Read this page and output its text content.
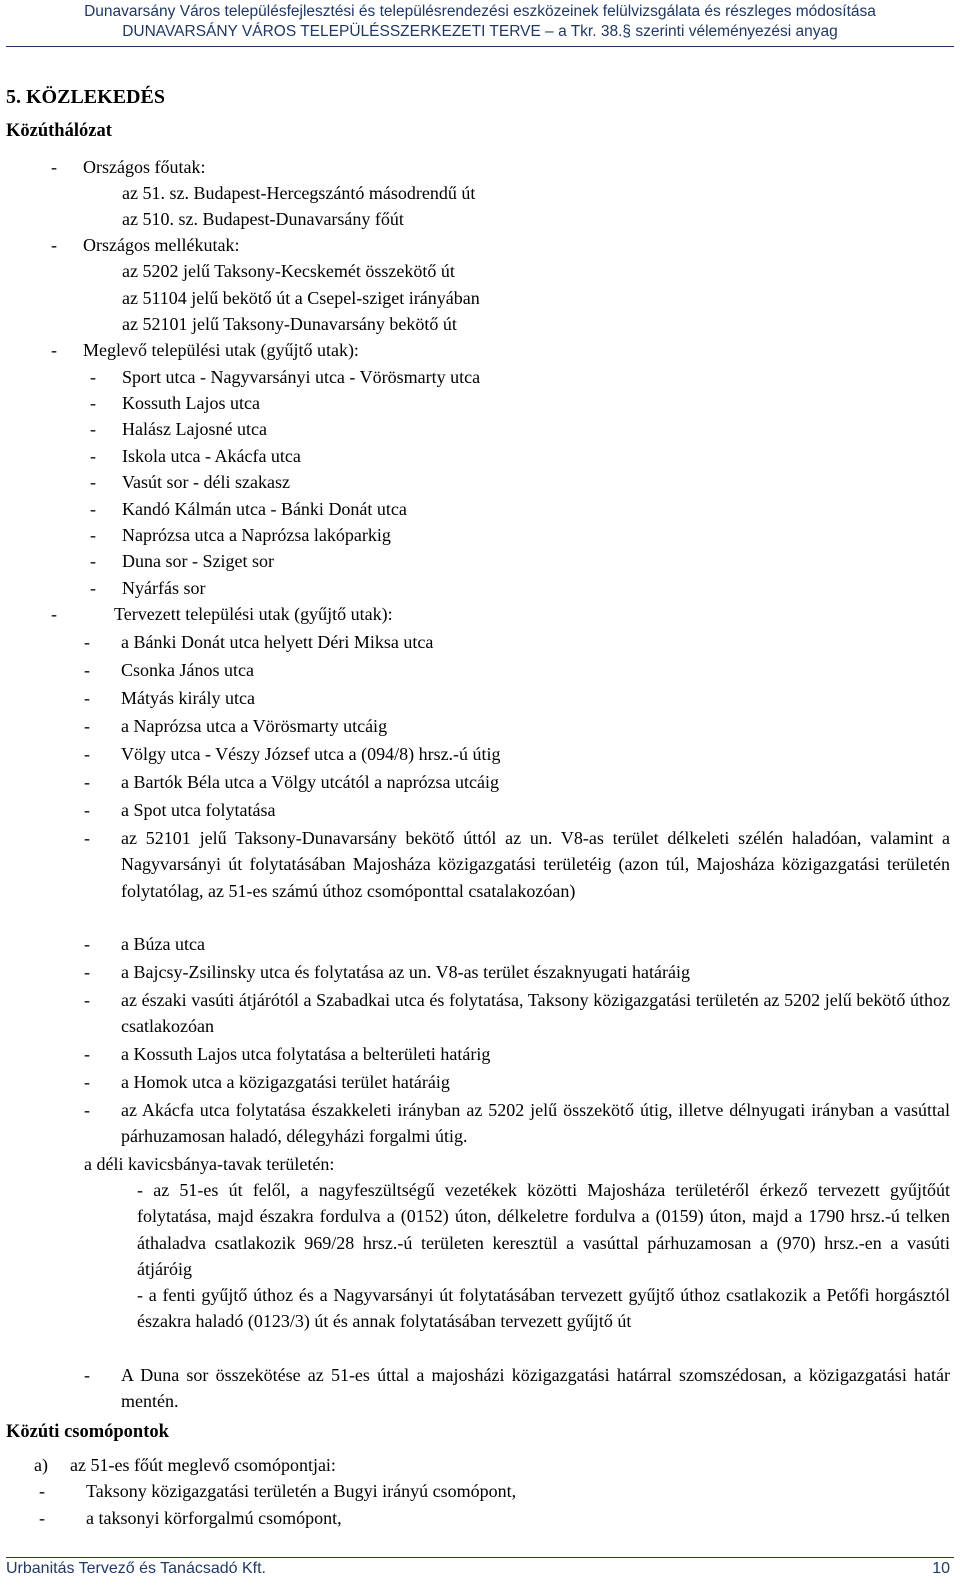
Dunavarsány Város településfejlesztési és településrendezési eszközeinek felülvizsgálata és részleges módosítása
DUNAVARSÁNY VÁROS TELEPÜLÉSSZERKEZETI TERVE – a Tkr. 38.§ szerinti véleményezési anyag
5. KÖZLEKEDÉS
Közúthálózat
- Országos főutak:
az 51. sz. Budapest-Hercegszántó másodrendű út
az 510. sz. Budapest-Dunavarsány főút
- Országos mellékutak:
az 5202 jelű Taksony-Kecskemét összekötő út
az 51104 jelű bekötő út a Csepel-sziget irányában
az 52101 jelű Taksony-Dunavarsány bekötő út
- Meglevő települési utak (gyűjtő utak):
- Sport utca - Nagyvarsányi utca - Vörösmarty utca
- Kossuth Lajos utca
- Halász Lajosné utca
- Iskola utca - Akácfa utca
- Vasút sor - déli szakasz
- Kandó Kálmán utca - Bánki Donát utca
- Naprózsa utca a Naprózsa lakóparkig
- Duna sor - Sziget sor
- Nyárfás sor
-	Tervezett települési utak (gyűjtő utak):
- a Bánki Donát utca helyett Déri Miksa utca
- Csonka János utca
- Mátyás király utca
- a Naprózsa utca a Vörösmarty utcáig
- Völgy utca - Vészy József utca a (094/8) hrsz.-ú útig
- a Bartók Béla utca a Völgy utcától a naprózsa utcáig
- a Spot utca folytatása
- az 52101 jelű Taksony-Dunavarsány bekötő úttól az un. V8-as terület délkeleti szélén haladóan, valamint a Nagyvarsányi út folytatásában Majosháza közigazgatási területéig (azon túl, Majosháza közigazgatási területén folytatólag, az 51-es számú úthoz csomóponttal csatalakozóan)
- a Búza utca
- a Bajcsy-Zsilinsky utca és folytatása az un. V8-as terület északnyugati határáig
- az északi vasúti átjárótól a Szabadkai utca és folytatása, Taksony közigazgatási területén az 5202 jelű bekötő úthoz csatlakozóan
- a Kossuth Lajos utca folytatása a belterületi határig
- a Homok utca a közigazgatási terület határáig
- az Akácfa utca folytatása északkeleti irányban az 5202 jelű összekötő útig, illetve délnyugati irányban a vasúttal párhuzamosan haladó, délegyházi forgalmi útig.
a déli kavicsbánya-tavak területén:
- az 51-es út felől, a nagyfeszültségű vezetékek közötti Majosháza területéről érkező tervezett gyűjtőút folytatása, majd északra fordulva a (0152) úton, délkeletre fordulva a (0159) úton, majd a 1790 hrsz.-ú telken áthaladva csatlakozik 969/28 hrsz.-ú területen keresztül a vasúttal párhuzamosan a (970) hrsz.-en a vasúti átjáróig
- a fenti gyűjtő úthoz és a Nagyvarsányi út folytatásában tervezett gyűjtő úthoz csatlakozik a Petőfi horgásztól északra haladó (0123/3) út és annak folytatásában tervezett gyűjtő út
- A Duna sor összekötése az 51-es úttal a majosházi közigazgatási határral szomszédosan, a közigazgatási határ mentén.
Közúti csomópontok
a) az 51-es főút meglevő csomópontjai:
- Taksony közigazgatási területén a Bugyi irányú csomópont,
- a taksonyi körforgalmú csomópont,
Urbanitás Tervező és Tanácsadó Kft.	10
